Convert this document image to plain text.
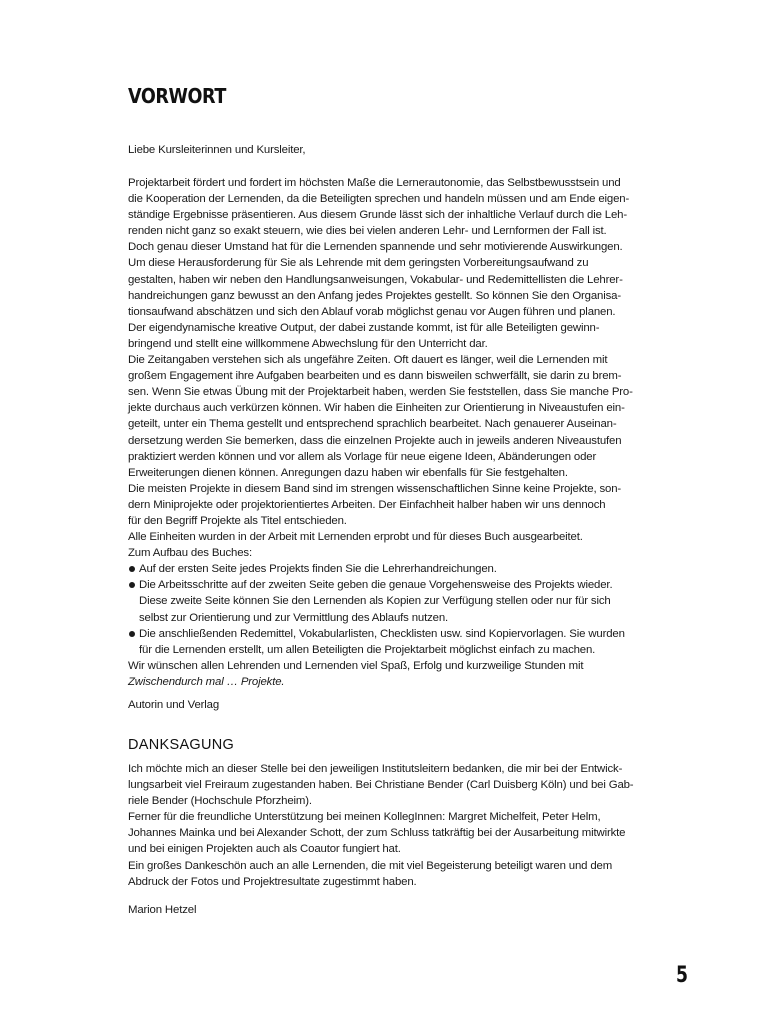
VORWORT

Liebe Kursleiterinnen und Kursleiter,

Projektarbeit fördert und fordert im höchsten Maße die Lernerautonomie, das Selbstbewusstsein und

die Kooperation der Lernenden, da die Beteiligten sprechen und handeln müssen und am Ende eigen-

ständige Ergebnisse präsentieren. Aus diesem Grunde lässt sich der inhaltliche Verlauf durch die Leh-

renden nicht ganz so exakt steuern, wie dies bei vielen anderen Lehr- und Lernformen der Fall ist.

Doch genau dieser Umstand hat für die Lernenden spannende und sehr motivierende Auswirkungen.

Um diese Herausforderung für Sie als Lehrende mit dem geringsten Vorbereitungsaufwand zu

gestalten, haben wir neben den Handlungsanweisungen, Vokabular- und Redemittellisten die Lehrer-

handreichungen ganz bewusst an den Anfang jedes Projektes gestellt. So können Sie den Organisa-

tionsaufwand abschätzen und sich den Ablauf vorab möglichst genau vor Augen führen und planen.

Der eigendynamische kreative Output, der dabei zustande kommt, ist für alle Beteiligten gewinn-

bringend und stellt eine willkommene Abwechslung für den Unterricht dar.

Die Zeitangaben verstehen sich als ungefähre Zeiten. Oft dauert es länger, weil die Lernenden mit

großem Engagement ihre Aufgaben bearbeiten und es dann bisweilen schwerfällt, sie darin zu brem-

sen. Wenn Sie etwas Übung mit der Projektarbeit haben, werden Sie feststellen, dass Sie manche Pro-

jekte durchaus auch verkürzen können. Wir haben die Einheiten zur Orientierung in Niveaustufen ein-

geteilt, unter ein Thema gestellt und entsprechend sprachlich bearbeitet. Nach genauerer Auseinan-

dersetzung werden Sie bemerken, dass die einzelnen Projekte auch in jeweils anderen Niveaustufen

praktiziert werden können und vor allem als Vorlage für neue eigene Ideen, Abänderungen oder

Erweiterungen dienen können. Anregungen dazu haben wir ebenfalls für Sie festgehalten.

Die meisten Projekte in diesem Band sind im strengen wissenschaftlichen Sinne keine Projekte, son-

dern Miniprojekte oder projektorientiertes Arbeiten. Der Einfachheit halber haben wir uns dennoch

für den Begriff Projekte als Titel entschieden.

Alle Einheiten wurden in der Arbeit mit Lernenden erprobt und für dieses Buch ausgearbeitet.

Zum Aufbau des Buches:

Auf der ersten Seite jedes Projekts finden Sie die Lehrerhandreichungen.
Die Arbeitsschritte auf der zweiten Seite geben die genaue Vorgehensweise des Projekts wieder.
Diese zweite Seite können Sie den Lernenden als Kopien zur Verfügung stellen oder nur für sich
selbst zur Orientierung und zur Vermittlung des Ablaufs nutzen.
Die anschließenden Redemittel, Vokabularlisten, Checklisten usw. sind Kopiervorlagen. Sie wurden
für die Lernenden erstellt, um allen Beteiligten die Projektarbeit möglichst einfach zu machen.

Wir wünschen allen Lehrenden und Lernenden viel Spaß, Erfolg und kurzweilige Stunden mit

Zwischendurch mal … Projekte.

Autorin und Verlag

DANKSAGUNG

Ich möchte mich an dieser Stelle bei den jeweiligen Institutsleitern bedanken, die mir bei der Entwick-

lungsarbeit viel Freiraum zugestanden haben. Bei Christiane Bender (Carl Duisberg Köln) und bei Gab-

riele Bender (Hochschule Pforzheim).

Ferner für die freundliche Unterstützung bei meinen KollegInnen: Margret Michelfeit, Peter Helm,

Johannes Mainka und bei Alexander Schott, der zum Schluss tatkräftig bei der Ausarbeitung mitwirkte

und bei einigen Projekten auch als Coautor fungiert hat.

Ein großes Dankeschön auch an alle Lernenden, die mit viel Begeisterung beteiligt waren und dem

Abdruck der Fotos und Projektresultate zugestimmt haben.

Marion Hetzel

5
